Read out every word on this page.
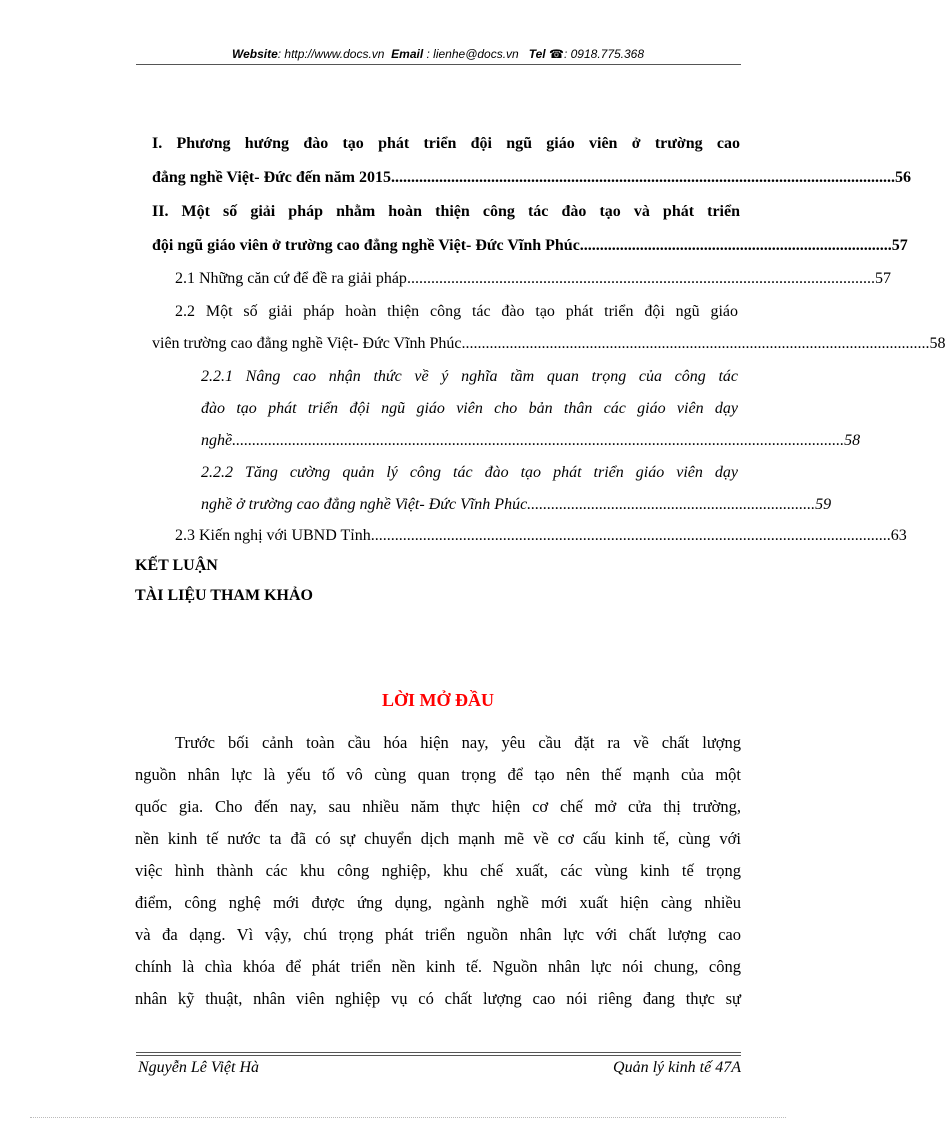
Website: http://www.docs.vn Email : lienhe@docs.vn Tel ☎: 0918.775.368
I. Phương hướng đào tạo phát triển đội ngũ giáo viên ở trường cao
đẳng nghề Việt- Đức đến năm 2015 .............................................................................................................................. 56
II. Một số giải pháp nhằm hoàn thiện công tác đào tạo và phát triển
đội ngũ giáo viên ở trường cao đẳng nghề Việt- Đức Vĩnh Phúc .............................................................................. 57
2.1 Những căn cứ để đề ra giải pháp ..................................................................................................................... 57
2.2 Một số giải pháp hoàn thiện công tác đào tạo phát triển đội ngũ giáo
viên trường cao đẳng nghề Việt- Đức Vĩnh Phúc ..................................................................................................................... 58
2.2.1 Nâng cao nhận thức về ý nghĩa tầm quan trọng của công tác
đào tạo phát triển đội ngũ giáo viên cho bản thân các giáo viên dạy
nghề. ........................................................................................................................................................ 58
2.2.2 Tăng cường quản lý công tác đào tạo phát triển giáo viên dạy
nghề ở trường cao đẳng nghề Việt- Đức Vĩnh Phúc. ....................................................................... 59
2.3 Kiến nghị với UBND Tỉnh .................................................................................................................................. 63
KẾT LUẬN
TÀI LIỆU THAM KHẢO
LỜI MỞ ĐẦU
Trước bối cảnh toàn cầu hóa hiện nay, yêu cầu đặt ra về chất lượng
nguồn nhân lực là yếu tố vô cùng quan trọng để tạo nên thế mạnh của một
quốc gia. Cho đến nay, sau nhiều năm thực hiện cơ chế mở cửa thị trường,
nền kinh tế nước ta đã có sự chuyển dịch mạnh mẽ về cơ cấu kinh tế, cùng với
việc hình thành các khu công nghiệp, khu chế xuất, các vùng kinh tế trọng
điểm, công nghệ mới được ứng dụng, ngành nghề mới xuất hiện càng nhiều
và đa dạng. Vì vậy, chú trọng phát triển nguồn nhân lực với chất lượng cao
chính là chìa khóa để phát triển nền kinh tế. Nguồn nhân lực nói chung, công
nhân kỹ thuật, nhân viên nghiệp vụ có chất lượng cao nói riêng đang thực sự
Nguyễn Lê Việt Hà	Quản lý kinh tế 47A
